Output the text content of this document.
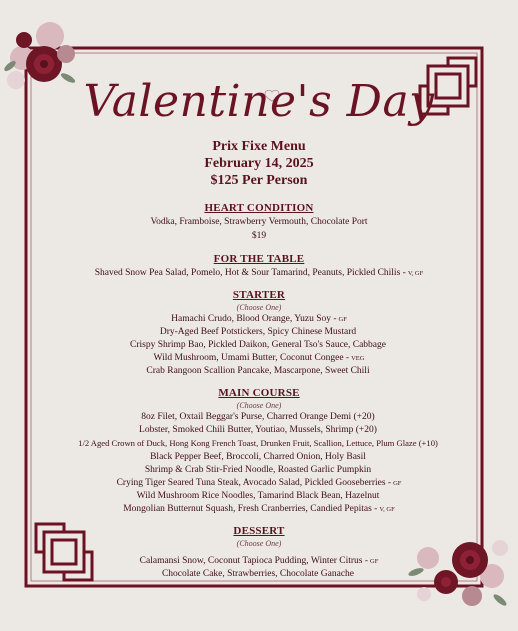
Valentine's Day
Prix Fixe Menu
February 14, 2025
$125 Per Person
HEART CONDITION
Vodka, Framboise, Strawberry Vermouth, Chocolate Port
$19
FOR THE TABLE
Shaved Snow Pea Salad, Pomelo, Hot & Sour Tamarind, Peanuts, Pickled Chilis - V, GF
STARTER
(Choose One)
Hamachi Crudo, Blood Orange, Yuzu Soy - GF
Dry-Aged Beef Potstickers, Spicy Chinese Mustard
Crispy Shrimp Bao, Pickled Daikon, General Tso's Sauce, Cabbage
Wild Mushroom, Umami Butter, Coconut Congee - VEG
Crab Rangoon Scallion Pancake, Mascarpone, Sweet Chili
MAIN COURSE
(Choose One)
8oz Filet, Oxtail Beggar's Purse, Charred Orange Demi (+20)
Lobster, Smoked Chili Butter, Youtiao, Mussels, Shrimp (+20)
1/2 Aged Crown of Duck, Hong Kong French Toast, Drunken Fruit, Scallion, Lettuce, Plum Glaze (+10)
Black Pepper Beef, Broccoli, Charred Onion, Holy Basil
Shrimp & Crab Stir-Fried Noodle, Roasted Garlic Pumpkin
Crying Tiger Seared Tuna Steak, Avocado Salad, Pickled Gooseberries - GF
Wild Mushroom Rice Noodles, Tamarind Black Bean, Hazelnut
Mongolian Butternut Squash, Fresh Cranberries, Candied Pepitas - V, GF
DESSERT
(Choose One)
Calamansi Snow, Coconut Tapioca Pudding, Winter Citrus - GF
Chocolate Cake, Strawberries, Chocolate Ganache
